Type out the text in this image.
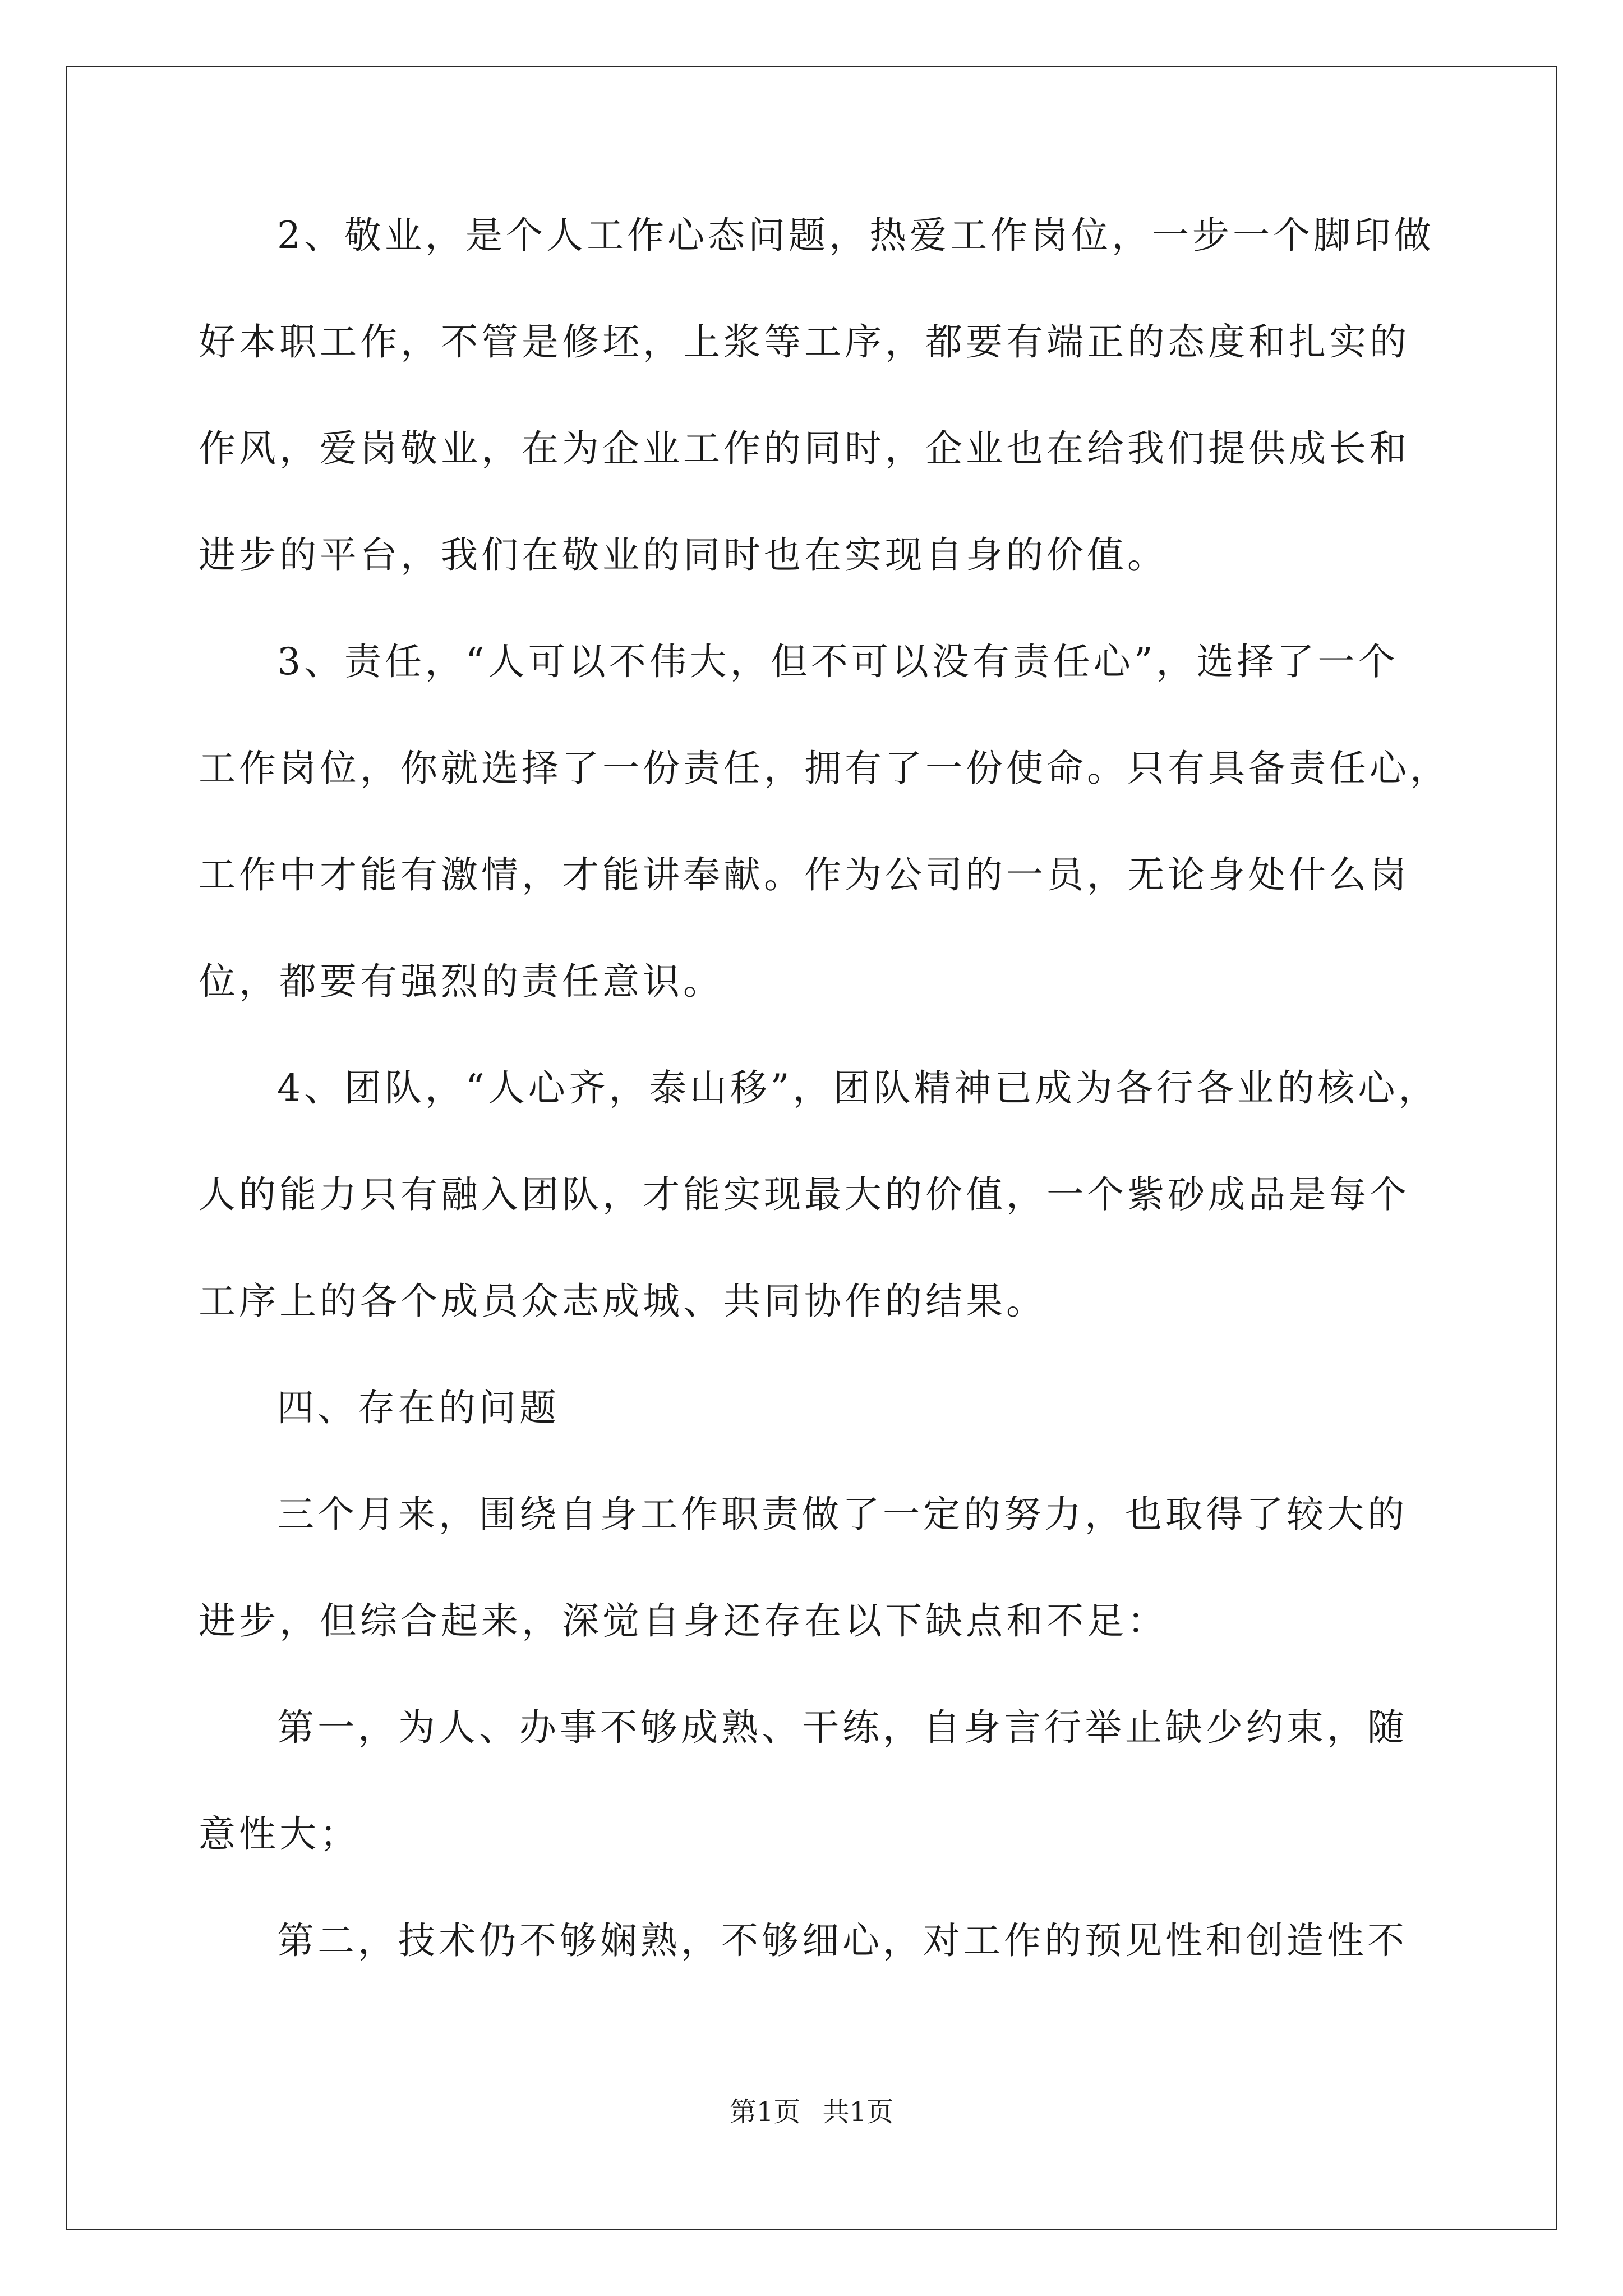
2、敬业，是个人工作心态问题，热爱工作岗位，一步一个脚印做
好本职工作，不管是修坯，上浆等工序，都要有端正的态度和扎实的
作风，爱岗敬业，在为企业工作的同时，企业也在给我们提供成长和
进步的平台，我们在敬业的同时也在实现自身的价值。
3、责任，“人可以不伟大，但不可以没有责任心”，选择了一个
工作岗位，你就选择了一份责任，拥有了一份使命。只有具备责任心，
工作中才能有激情，才能讲奉献。作为公司的一员，无论身处什么岗
位，都要有强烈的责任意识。
4、团队，“人心齐，泰山移”，团队精神已成为各行各业的核心，
人的能力只有融入团队，才能实现最大的价值，一个紫砂成品是每个
工序上的各个成员众志成城、共同协作的结果。
四、存在的问题
三个月来，围绕自身工作职责做了一定的努力，也取得了较大的
进步，但综合起来，深觉自身还存在以下缺点和不足：
第一，为人、办事不够成熟、干练，自身言行举止缺少约束，随
意性大；
第二，技术仍不够娴熟，不够细心，对工作的预见性和创造性不
第1页 共1页
